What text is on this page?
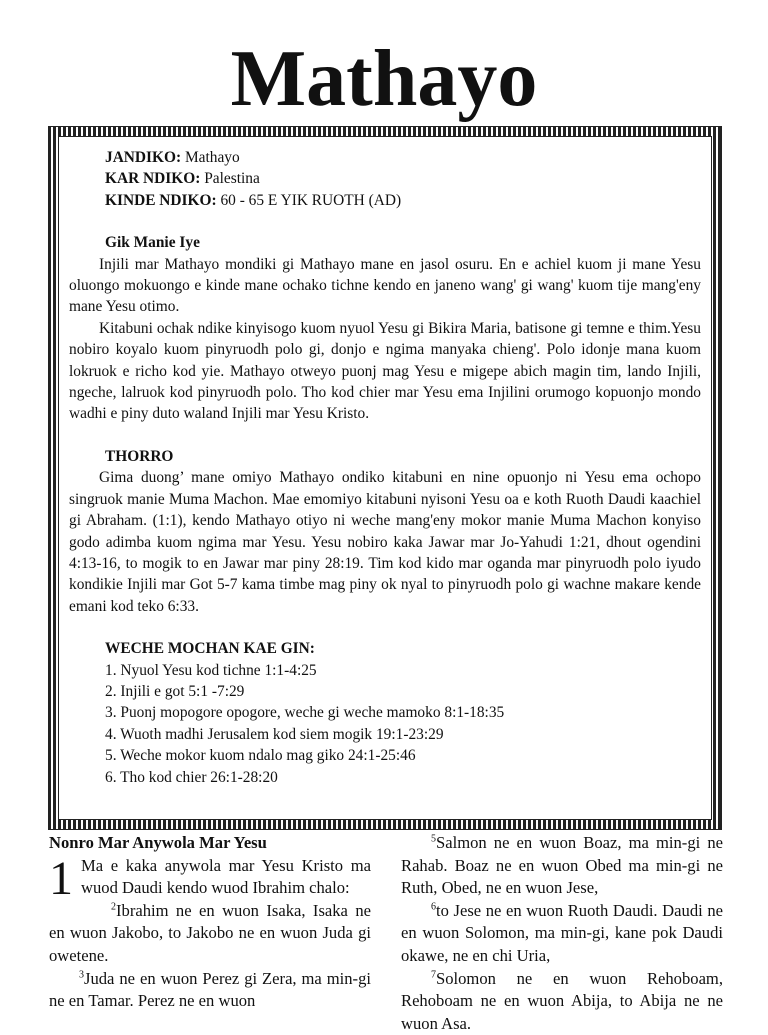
Mathayo
JANDIKO: Mathayo
KAR NDIKO: Palestina
KINDE NDIKO: 60 - 65 E YIK RUOTH (AD)
Gik Manie Iye

Injili mar Mathayo mondiki gi Mathayo mane en jasol osuru. En e achiel kuom ji mane Yesu oluongo mokuongo e kinde mane ochako tichne kendo en janeno wang' gi wang' kuom tije mang'eny mane Yesu otimo.

Kitabuni ochak ndike kinyisogo kuom nyuol Yesu gi Bikira Maria, batisone gi temne e thim.Yesu nobiro koyalo kuom pinyruodh polo gi, donjo e ngima manyaka chieng'. Polo idonje mana kuom lokruok e richo kod yie. Mathayo otweyo puonj mag Yesu e migepe abich magin tim, lando Injili, ngeche, lalruok kod pinyruodh polo. Tho kod chier mar Yesu ema Injilini orumogo kopuonjo mondo wadhi e piny duto waland Injili mar Yesu Kristo.

THORRO

Gima duong’ mane omiyo Mathayo ondiko kitabuni en nine opuonjo ni Yesu ema ochopo singruok manie Muma Machon. Mae emomiyo kitabuni nyisoni Yesu oa e koth Ruoth Daudi kaachiel gi Abraham. (1:1), kendo Mathayo otiyo ni weche mang'eny mokor manie Muma Machon konyiso godo adimba kuom ngima mar Yesu. Yesu nobiro kaka Jawar mar Jo-Yahudi 1:21, dhout ogendini 4:13-16, to mogik to en Jawar mar piny 28:19. Tim kod kido mar oganda mar pinyruodh polo iyudo kondikie Injili mar Got 5-7 kama timbe mag piny ok nyal to pinyruodh polo gi wachne makare kende emani kod teko 6:33.

WECHE MOCHAN KAE GIN:
1. Nyuol Yesu kod tichne 1:1-4:25
2. Injili e got 5:1 -7:29
3. Puonj mopogore opogore, weche gi weche mamoko 8:1-18:35
4. Wuoth madhi Jerusalem kod siem mogik 19:1-23:29
5. Weche mokor kuom ndalo mag giko 24:1-25:46
6. Tho kod chier 26:1-28:20
Nonro Mar Anywola Mar Yesu

1 Ma e kaka anywola mar Yesu Kristo ma wuod Daudi kendo wuod Ibrahim chalo:

$^2$Ibrahim ne en wuon Isaka, Isaka ne en wuon Jakobo, to Jakobo ne en wuon Juda gi owetene.

$^3$Juda ne en wuon Perez gi Zera, ma min-gi ne en Tamar. Perez ne en wuon

$^5$Salmon ne en wuon Boaz, ma min-gi ne Rahab. Boaz ne en wuon Obed ma min-gi ne Ruth, Obed, ne en wuon Jese,

$^6$to Jese ne en wuon Ruoth Daudi. Daudi ne en wuon Solomon, ma min-gi, kane pok Daudi okawe, ne en chi Uria,

$^7$Solomon ne en wuon Rehoboam, Rehoboam ne en wuon Abija, to Abija ne ne wuon Asa.
